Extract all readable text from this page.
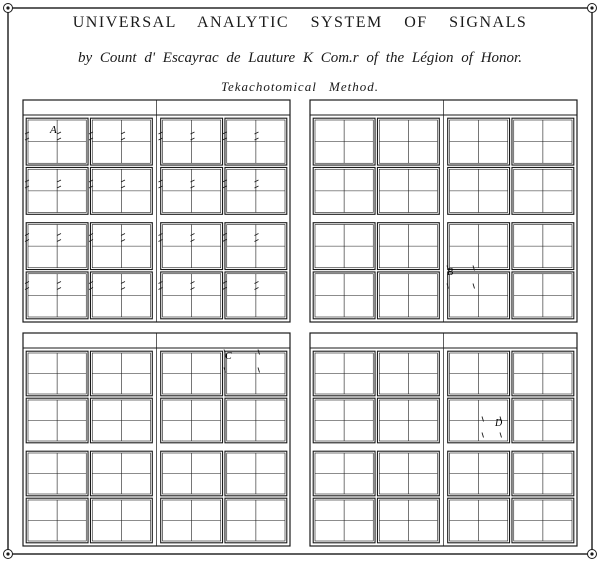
A
B
C
D
UNIVERSAL ANALYTIC SYSTEM OF SIGNALS
by Count d' Escayrac de Lauture K Com.r of the Légion of Honor.
Tekachotomical Method.
